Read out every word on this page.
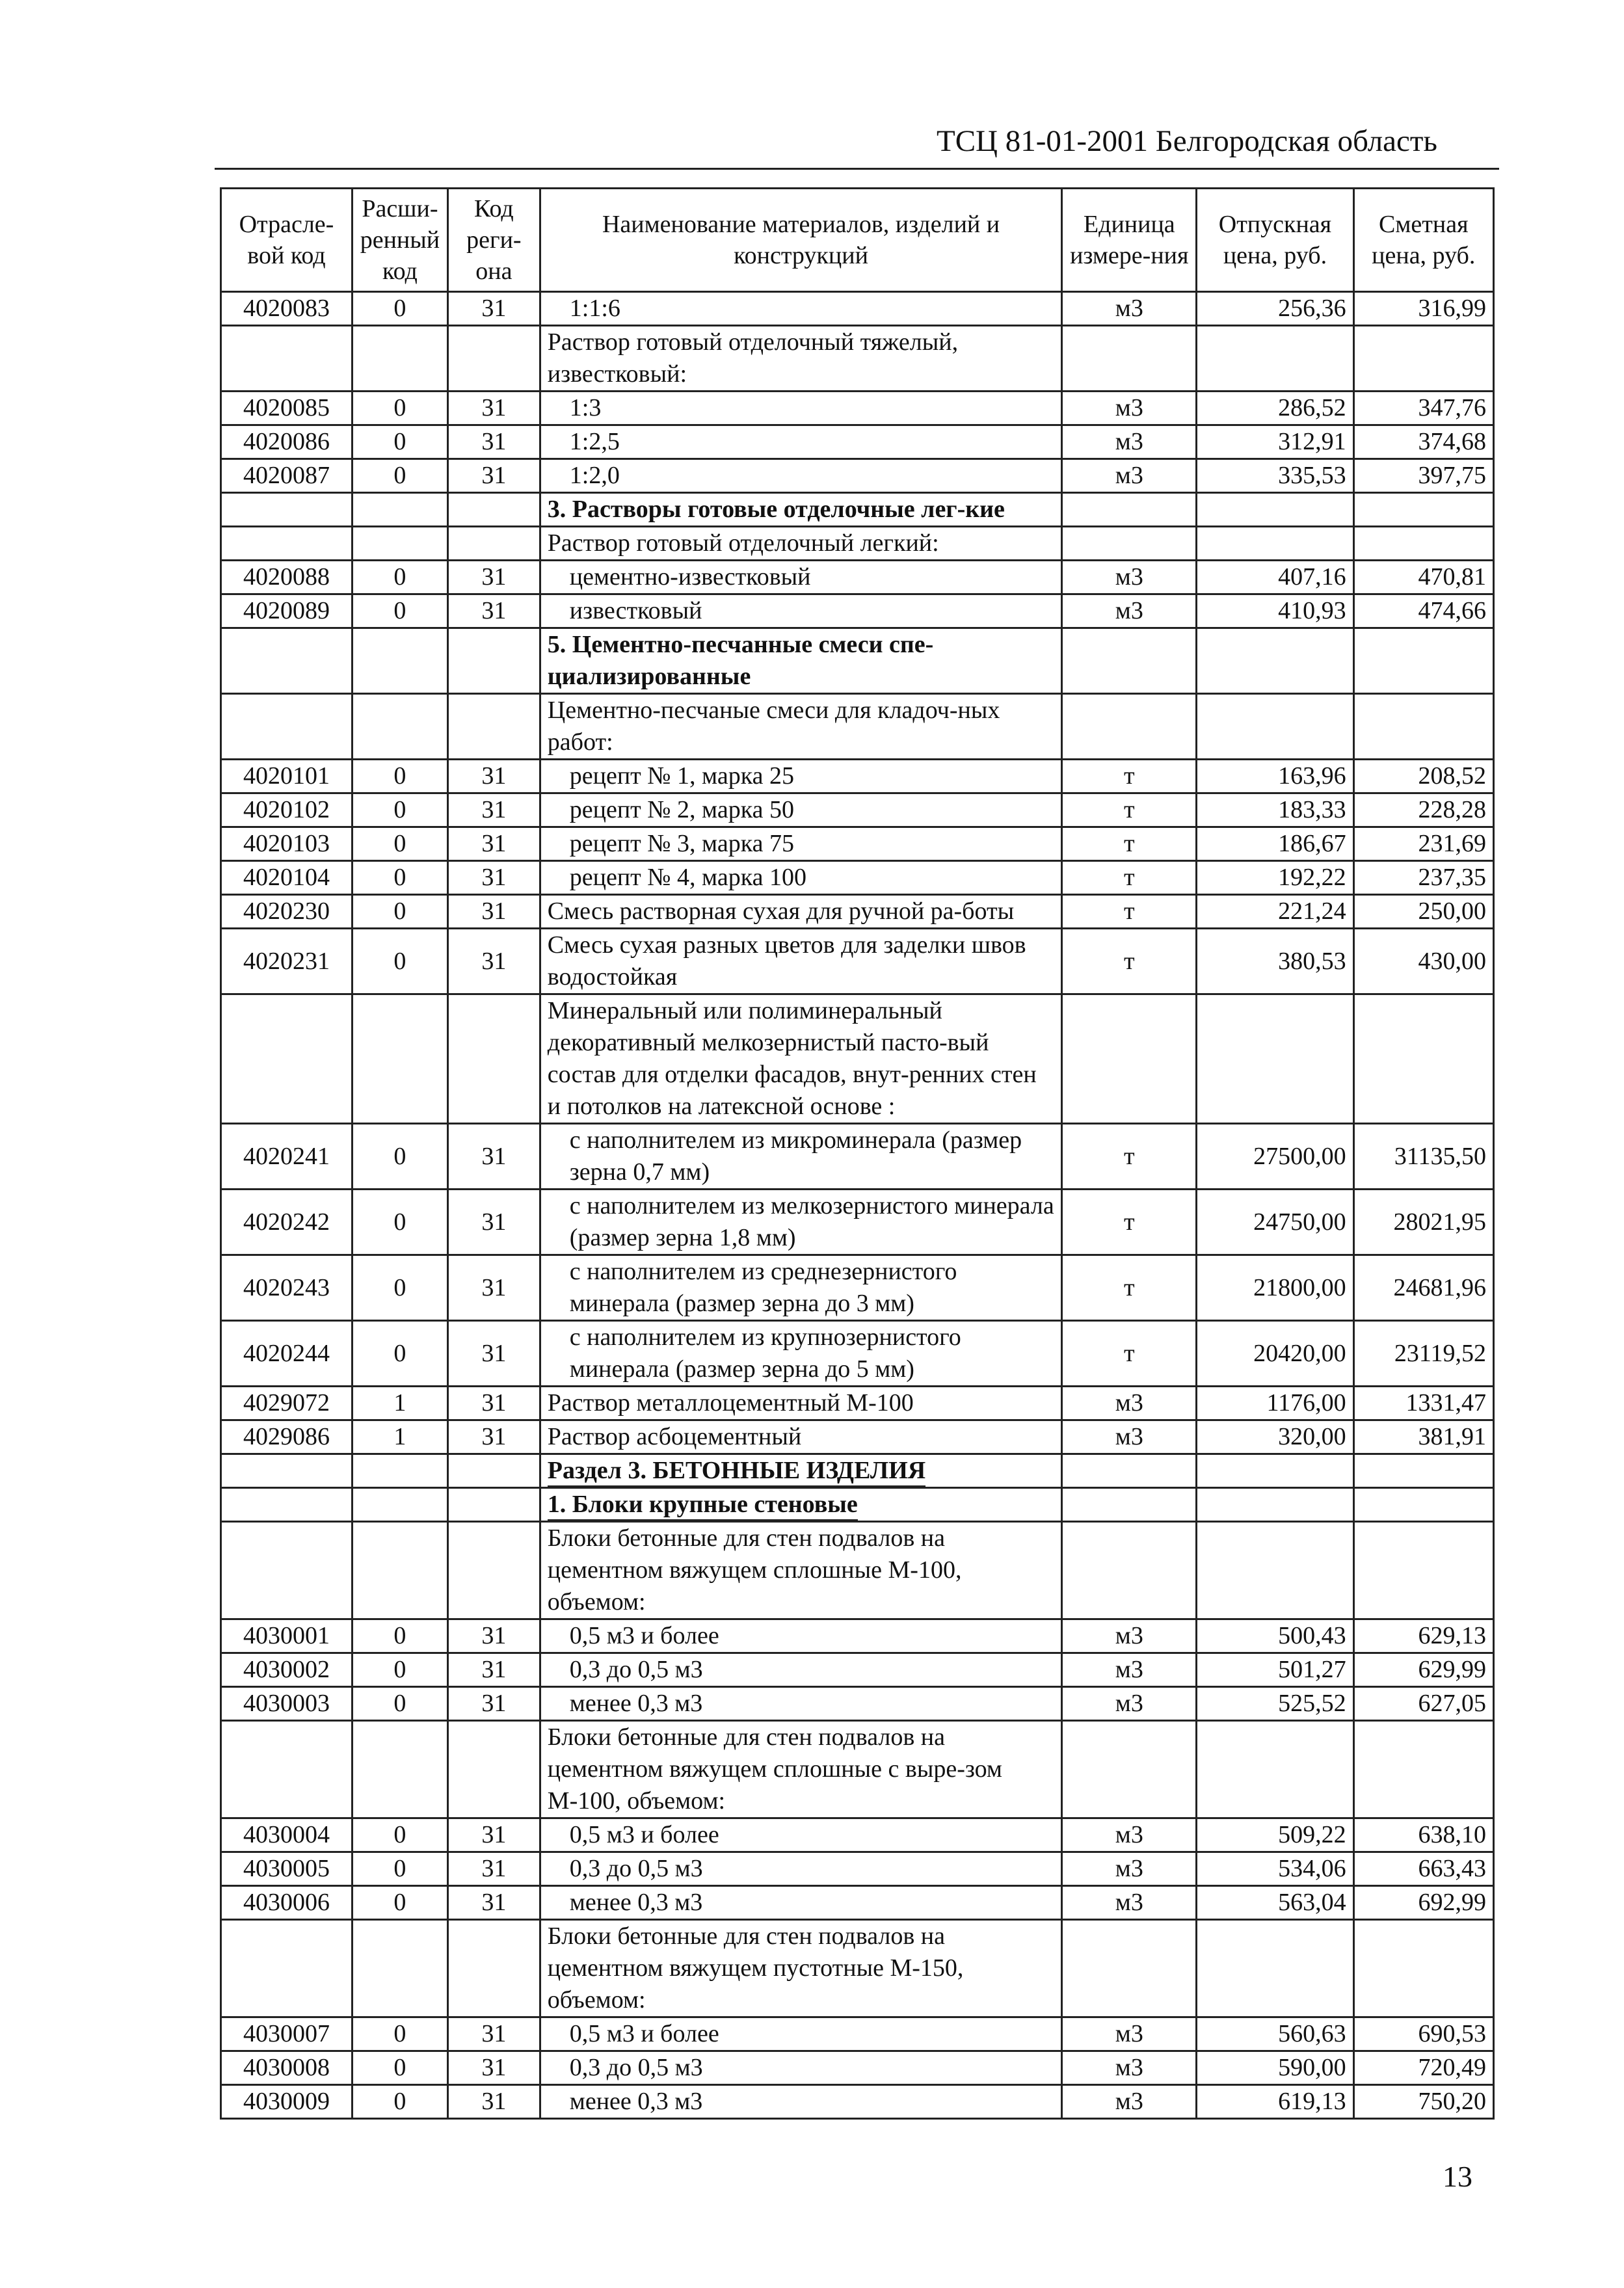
ТСЦ 81-01-2001 Белгородская область
Отрасле-вой код	Расши-ренный код	Код реги-она	Наименование материалов, изделий и конструкций	Единица измере-ния	Отпускная цена, руб.	Сметная цена, руб.
4020083	0	31	1:1:6	м3	256,36	316,99
			Раствор готовый отделочный тяжелый, известковый:			
4020085	0	31	1:3	м3	286,52	347,76
4020086	0	31	1:2,5	м3	312,91	374,68
4020087	0	31	1:2,0	м3	335,53	397,75
			3. Растворы готовые отделочные лег-кие			
			Раствор готовый отделочный легкий:			
4020088	0	31	цементно-известковый	м3	407,16	470,81
4020089	0	31	известковый	м3	410,93	474,66
			5. Цементно-песчанные смеси спе-циализированные			
			Цементно-песчаные смеси для кладоч-ных работ:			
4020101	0	31	рецепт № 1, марка 25	т	163,96	208,52
4020102	0	31	рецепт № 2, марка 50	т	183,33	228,28
4020103	0	31	рецепт № 3, марка 75	т	186,67	231,69
4020104	0	31	рецепт № 4, марка 100	т	192,22	237,35
4020230	0	31	Смесь растворная сухая для ручной ра-боты	т	221,24	250,00
4020231	0	31	Смесь сухая разных цветов для заделки швов водостойкая	т	380,53	430,00
			Минеральный или полиминеральный декоративный мелкозернистый пасто-вый состав для отделки фасадов, внут-ренних стен и потолков на латексной основе :			
4020241	0	31	с наполнителем из микроминерала (размер зерна 0,7 мм)	т	27500,00	31135,50
4020242	0	31	с наполнителем из мелкозернистого минерала (размер зерна 1,8 мм)	т	24750,00	28021,95
4020243	0	31	с наполнителем из среднезернистого минерала (размер зерна до 3 мм)	т	21800,00	24681,96
4020244	0	31	с наполнителем из крупнозернистого минерала (размер зерна до 5 мм)	т	20420,00	23119,52
4029072	1	31	Раствор металлоцементный М-100	м3	1176,00	1331,47
4029086	1	31	Раствор асбоцементный	м3	320,00	381,91
			Раздел 3. БЕТОННЫЕ ИЗДЕЛИЯ			
			1. Блоки крупные стеновые			
			Блоки бетонные для стен подвалов на цементном вяжущем сплошные М-100, объемом:			
4030001	0	31	0,5 м3 и более	м3	500,43	629,13
4030002	0	31	0,3 до 0,5 м3	м3	501,27	629,99
4030003	0	31	менее 0,3 м3	м3	525,52	627,05
			Блоки бетонные для стен подвалов на цементном вяжущем сплошные с выре-зом М-100, объемом:			
4030004	0	31	0,5 м3 и более	м3	509,22	638,10
4030005	0	31	0,3 до 0,5 м3	м3	534,06	663,43
4030006	0	31	менее 0,3 м3	м3	563,04	692,99
			Блоки бетонные для стен подвалов на цементном вяжущем пустотные М-150, объемом:			
4030007	0	31	0,5 м3 и более	м3	560,63	690,53
4030008	0	31	0,3 до 0,5 м3	м3	590,00	720,49
4030009	0	31	менее 0,3 м3	м3	619,13	750,20
13
